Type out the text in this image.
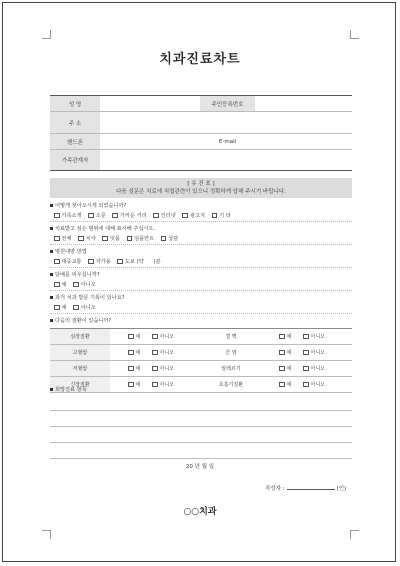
치과진료차트
성 명	주민등록번호
주 소
핸드폰	E-mail
가족관계자
[ 유 진 표 ]
다음 설문은 치료에 직접관련이 있으니 정확하게 답해 주시기 바랍니다.
어떻게 찾아오시게 되었습니까?
가족소개	소문	가까운 거리	인터넷	광고지	기 타
치료받고 싶은 범위에 대해 표시해 주십시오.
전체	치아	잇몸	임플란트	상담
병원내방 방법
대중교통	자가용	도보 (약 )분
담배를 피우십니까?
예	아니오
과거 치과 방문 기록이 있나요?
예	아니오
다음의 질환이 있습니까?
심장질환	예	아니오	결 핵	예	아니오
고혈압	예	아니오	간 염	예	아니오
저혈압	예	아니오	알레르기	예	아니오
신장질환	예	아니오	호흡기질환	예	아니오
희망진료 항목
20 년 월 일
작성자 :	(인)
○○치과
